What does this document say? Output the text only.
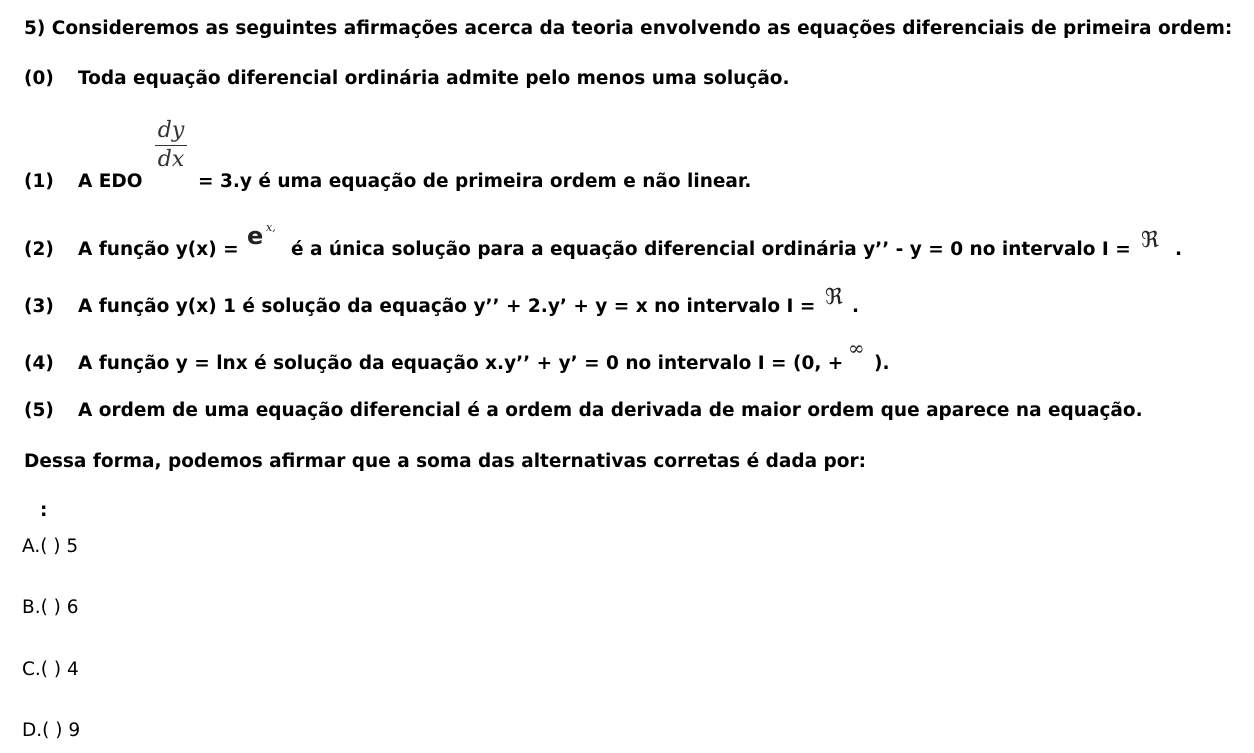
5) Consideremos as seguintes afirmações acerca da teoria envolvendo as equações diferenciais de primeira ordem:
(0) Toda equação diferencial ordinária admite pelo menos uma solução.
dy
dx
(1) A EDO	= 3.y é uma equação de primeira ordem e não linear.
(2) A função y(x) = e x,
é a única solução para a equação diferencial ordinária y’’ - y = 0 no intervalo I = ℜ .
(3) A função y(x) 1 é solução da equação y’’ + 2.y’ + y = x no intervalo I = ℜ .
(4) A função y = lnx é solução da equação x.y’’ + y’ = 0 no intervalo I = (0, +
∞
).
(5) A ordem de uma equação diferencial é a ordem da derivada de maior ordem que aparece na equação.
Dessa forma, podemos afirmar que a soma das alternativas corretas é dada por:
:
A.( ) 5
B.( ) 6
C.( ) 4
D.( ) 9
